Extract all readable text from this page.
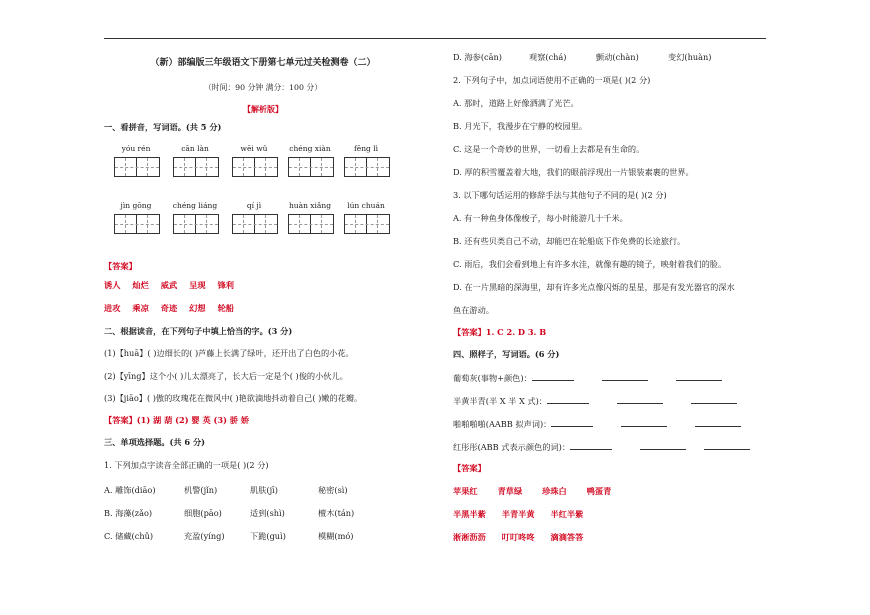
（新）部编版三年级语文下册第七单元过关检测卷（二）
（时间：90 分钟 满分：100 分）
【解析版】
一、看拼音，写词语。(共 5 分)
yóu rén	cān làn	wēi wǔ	chéng xiàn	fēng lì
jìn gōng	chéng liáng	qí jì	huàn xiǎng	lún chuán
【答案】
诱人 灿烂 威武 呈现 锋利
进攻 乘凉 奇迹 幻想 轮船
二、根据读音，在下列句子中填上恰当的字。(3 分)
(1)【huā】( )边细长的( )芦藤上长满了绿叶，还开出了白色的小花。
(2)【yīng】这个小( )儿太漂亮了，长大后一定是个( )俊的小伙儿。
(3)【jiāo】( )傲的玫瑰花在微风中( )艳欲滴地抖动着自己( )嫩的花瓣。
【答案】(1) 湖 葫 (2) 婴 英 (3) 骄 娇
三、单项选择题。(共 6 分)
1. 下列加点字读音全部正确的一项是( )(2 分)
A. 雕饰(diāo)	机警(jǐn)	肌肤(jī)	秘密(sì)
B. 海藻(zǎo)	细胞(pāo)	适到(shì)	檀木(tán)
C. 储藏(chǔ)	充盈(yíng)	下跪(guì)	模糊(mó)
D. 海参(cān)	观察(chá)	颤动(chàn)	变幻(huàn)
2. 下列句子中，加点词语使用不正确的一项是( )(2 分)
A. 那时，道路上好像洒满了光芒。
B. 月光下，我漫步在宁静的校园里。
C. 这是一个奇妙的世界，一切看上去都是有生命的。
D. 厚的积雪覆盖着大地，我们的眼前浮现出一片银装素裹的世界。
3. 以下哪句话运用的修辞手法与其他句子不同的是( )(2 分)
A. 有一种鱼身体像梭子，每小时能游几十千米。
B. 还有些贝类自己不动，却能巴在轮船底下作免费的长途旅行。
C. 雨后，我们会看到地上有许多水洼，就像有趣的镜子，映射着我们的脸。
D. 在一片黑暗的深海里，却有许多光点像闪烁的星星，那是有发光器官的深水
鱼在游动。
【答案】1. C 2. D 3. B
四、照样子，写词语。(6 分)
葡萄灰(事物+颜色)：
半黄半青(半 X 半 X 式)：
啪啪啪啪(AABB 拟声词)：
红彤彤(ABB 式表示颜色的词)：
【答案】
苹果红 青草绿 珍珠白 鸭蛋青
半黑半紫 半青半黄 半红半紫
淅淅沥沥 叮叮咚咚 滴滴答答
